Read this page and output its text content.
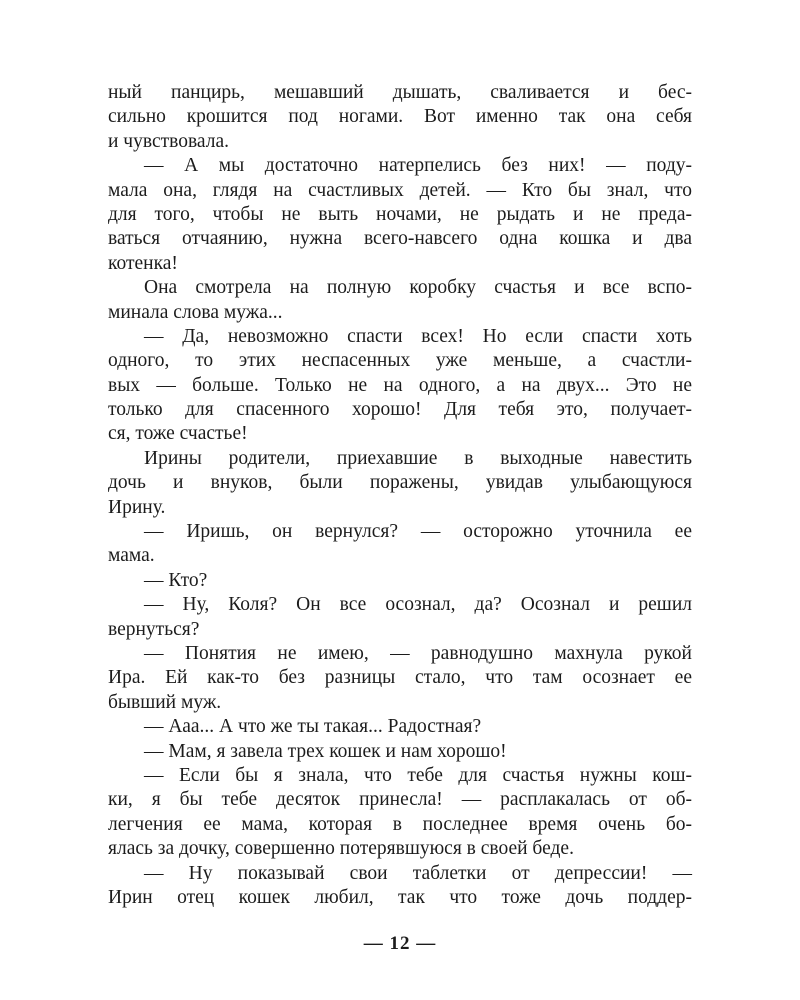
ный панцирь, мешавший дышать, сваливается и бес-
сильно крошится под ногами. Вот именно так она себя
и чувствовала.
— А мы достаточно натерпелись без них! — поду-
мала она, глядя на счастливых детей. — Кто бы знал, что
для того, чтобы не выть ночами, не рыдать и не преда-
ваться отчаянию, нужна всего-навсего одна кошка и два
котенка!
Она смотрела на полную коробку счастья и все вспо-
минала слова мужа...
— Да, невозможно спасти всех! Но если спасти хоть
одного, то этих неспасенных уже меньше, а счастли-
вых — больше. Только не на одного, а на двух... Это не
только для спасенного хорошо! Для тебя это, получает-
ся, тоже счастье!
Ирины родители, приехавшие в выходные навестить
дочь и внуков, были поражены, увидав улыбающуюся
Ирину.
— Иришь, он вернулся? — осторожно уточнила ее
мама.
— Кто?
— Ну, Коля? Он все осознал, да? Осознал и решил
вернуться?
— Понятия не имею, — равнодушно махнула рукой
Ира. Ей как-то без разницы стало, что там осознает ее
бывший муж.
— Ааа... А что же ты такая... Радостная?
— Мам, я завела трех кошек и нам хорошо!
— Если бы я знала, что тебе для счастья нужны кош-
ки, я бы тебе десяток принесла! — расплакалась от об-
легчения ее мама, которая в последнее время очень бо-
ялась за дочку, совершенно потерявшуюся в своей беде.
— Ну показывай свои таблетки от депрессии! —
Ирин отец кошек любил, так что тоже дочь поддер-
— 12 —
